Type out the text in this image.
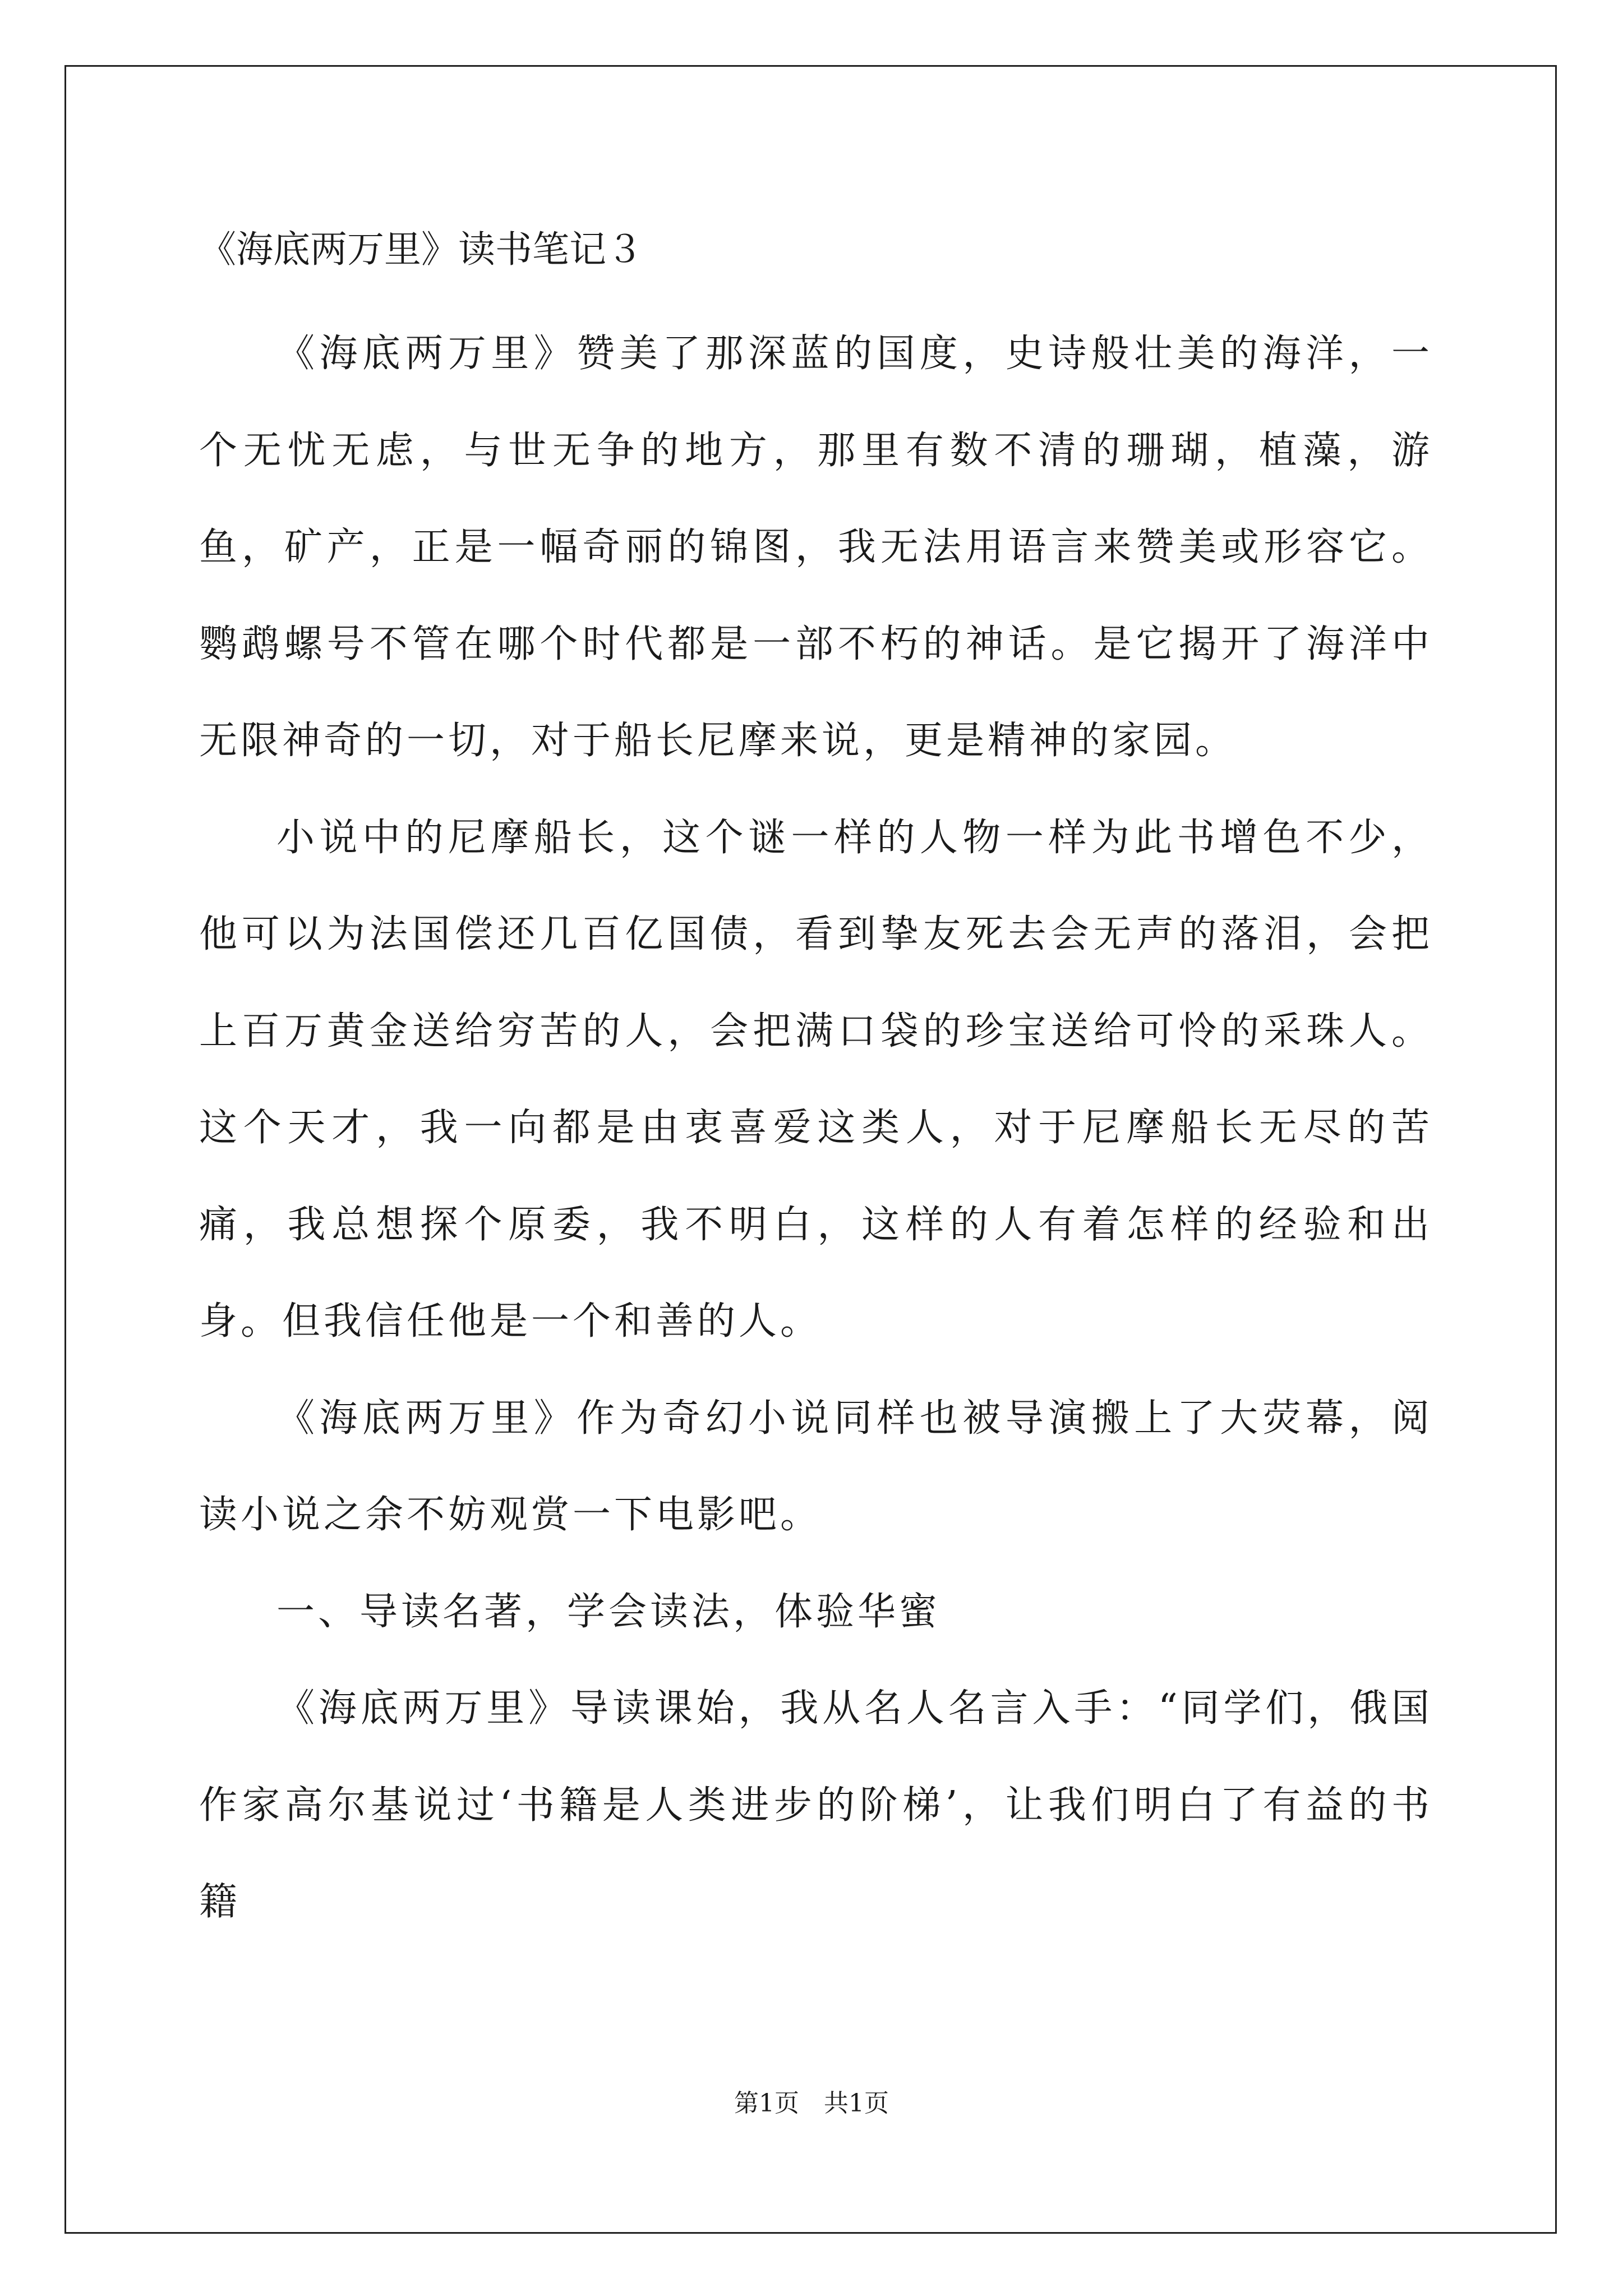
《海底两万里》读书笔记３

《海底两万里》赞美了那深蓝的国度，史诗般壮美的海洋，一个无忧无虑，与世无争的地方，那里有数不清的珊瑚，植藻，游鱼，矿产，正是一幅奇丽的锦图，我无法用语言来赞美或形容它。鹦鹉螺号不管在哪个时代都是一部不朽的神话。是它揭开了海洋中无限神奇的一切，对于船长尼摩来说，更是精神的家园。

小说中的尼摩船长，这个谜一样的人物一样为此书增色不少，他可以为法国偿还几百亿国债，看到挚友死去会无声的落泪，会把上百万黄金送给穷苦的人，会把满口袋的珍宝送给可怜的采珠人。这个天才，我一向都是由衷喜爱这类人，对于尼摩船长无尽的苦痛，我总想探个原委，我不明白，这样的人有着怎样的经验和出身。但我信任他是一个和善的人。

《海底两万里》作为奇幻小说同样也被导演搬上了大荧幕，阅读小说之余不妨观赏一下电影吧。

一、导读名著，学会读法，体验华蜜

《海底两万里》导读课始，我从名人名言入手：“同学们，俄国作家高尔基说过‘书籍是人类进步的阶梯’，让我们明白了有益的书籍

第1页　共1页
